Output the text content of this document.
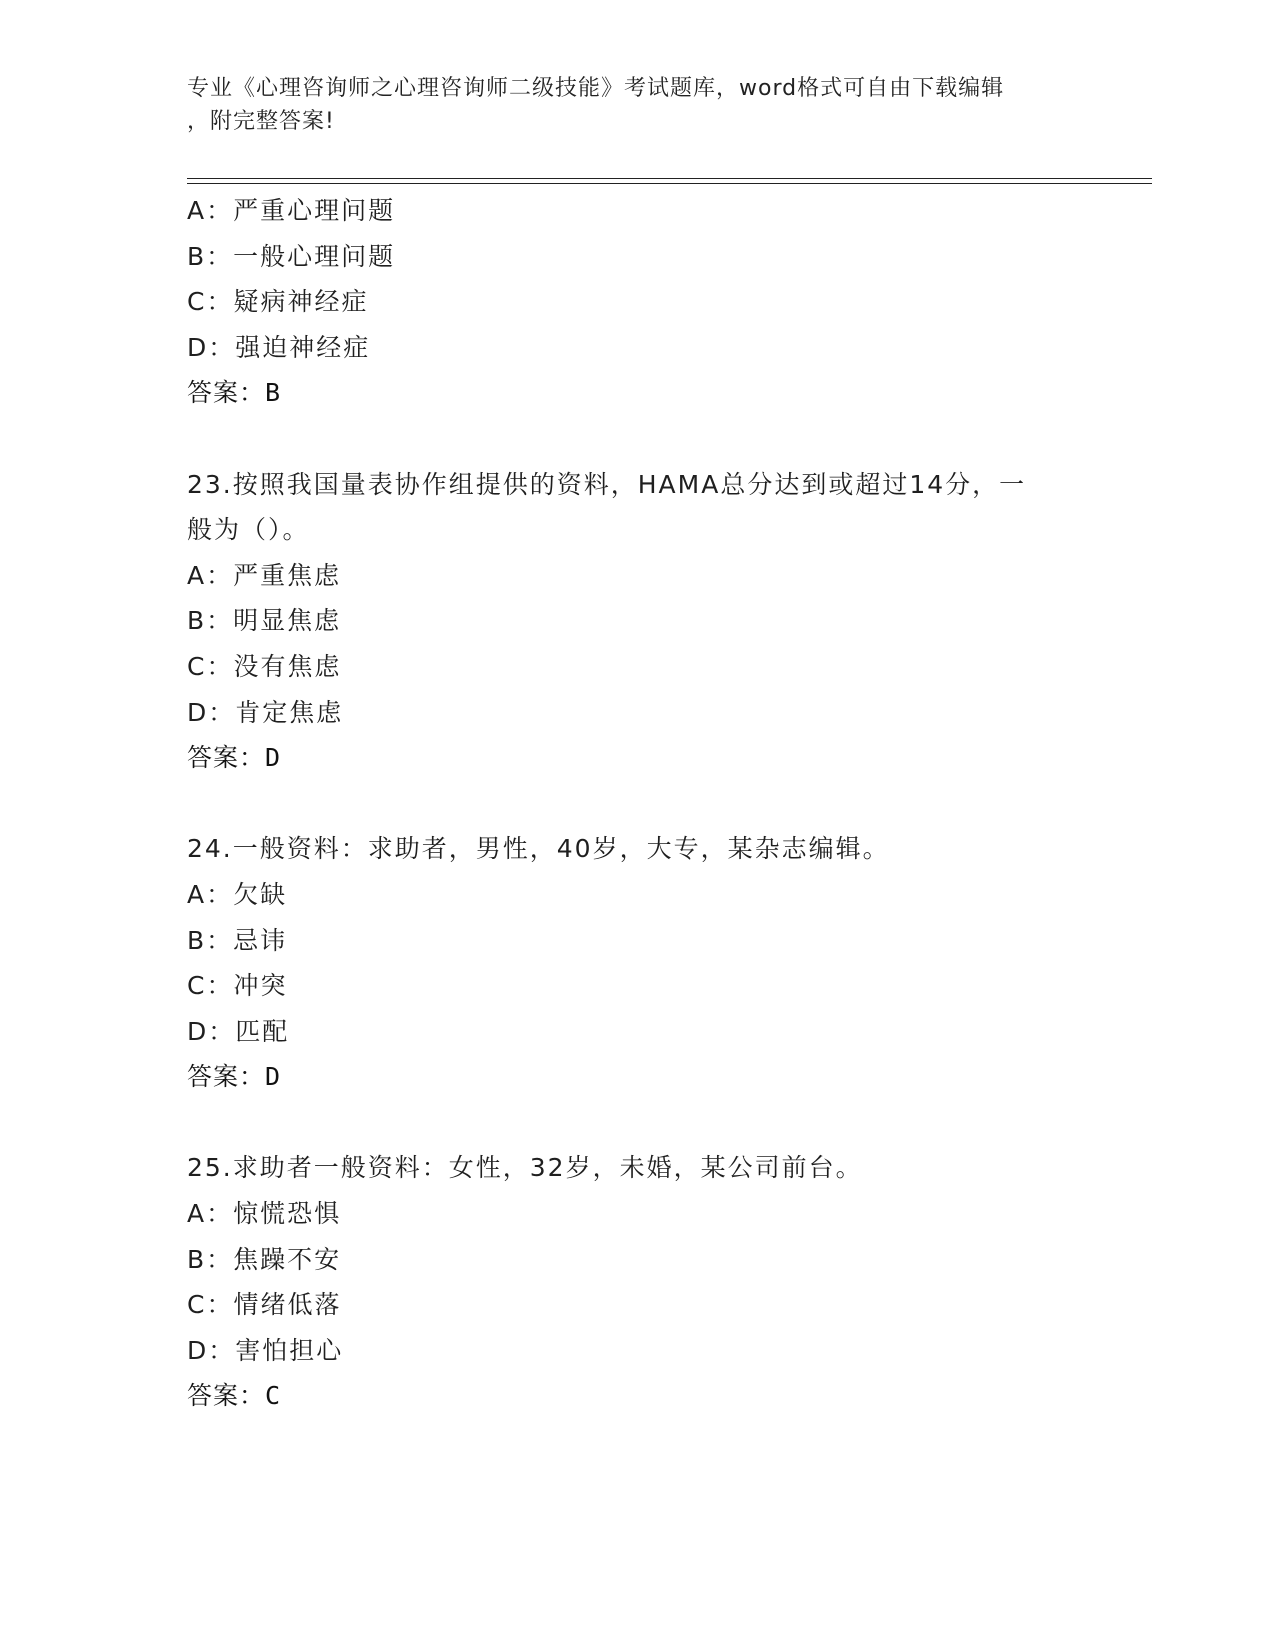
专业《心理咨询师之心理咨询师二级技能》考试题库，word格式可自由下载编辑
，附完整答案!
A：严重心理问题
B：一般心理问题
C：疑病神经症
D：强迫神经症
答案：B
23.按照我国量表协作组提供的资料，HAMA总分达到或超过14分，一
般为（）。
A：严重焦虑
B：明显焦虑
C：没有焦虑
D：肯定焦虑
答案：D
24.一般资料：求助者，男性，40岁，大专，某杂志编辑。
A：欠缺
B：忌讳
C：冲突
D：匹配
答案：D
25.求助者一般资料：女性，32岁，未婚，某公司前台。
A：惊慌恐惧
B：焦躁不安
C：情绪低落
D：害怕担心
答案：C
